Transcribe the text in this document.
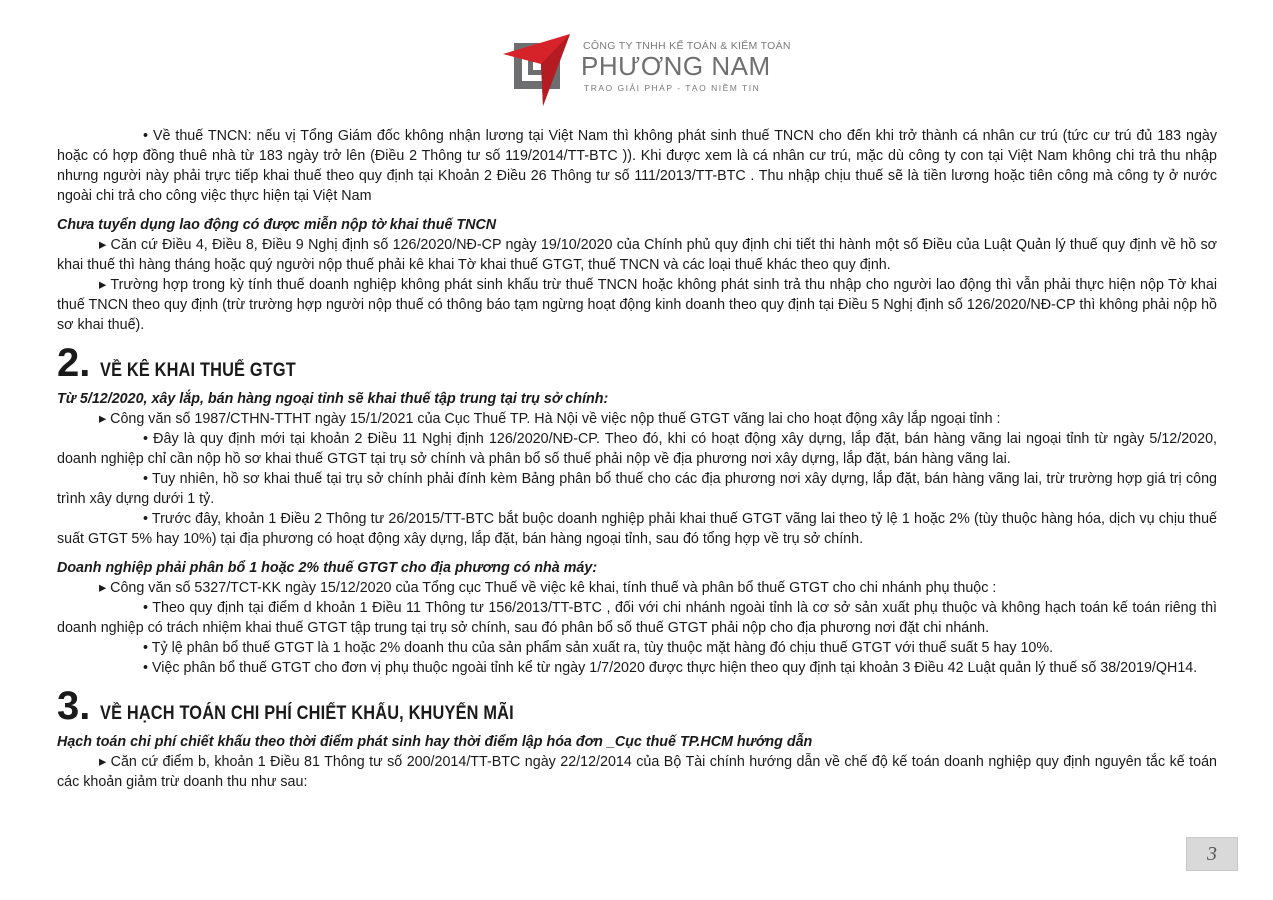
CÔNG TY TNHH KẾ TOÁN & KIỂM TOÁN
PHƯƠNG NAM
TRAO GIẢI PHÁP - TẠO NIỀM TIN

• Về thuế TNCN: nếu vị Tổng Giám đốc không nhận lương tại Việt Nam thì không phát sinh thuế TNCN cho đến khi trở thành cá nhân cư trú (tức cư trú đủ 183 ngày hoặc có hợp đồng thuê nhà từ 183 ngày trở lên (Điều 2 Thông tư số 119/2014/TT-BTC )). Khi được xem là cá nhân cư trú, mặc dù công ty con tại Việt Nam không chi trả thu nhập nhưng người này phải trực tiếp khai thuế theo quy định tại Khoản 2 Điều 26 Thông tư số 111/2013/TT-BTC . Thu nhập chịu thuế sẽ là tiền lương hoặc tiên công mà công ty ở nước ngoài chi trả cho công việc thực hiện tại Việt Nam

Chưa tuyển dụng lao động có được miễn nộp tờ khai thuế TNCN

▸ Căn cứ Điều 4, Điều 8, Điều 9 Nghị định số 126/2020/NĐ-CP ngày 19/10/2020 của Chính phủ quy định chi tiết thi hành một số Điều của Luật Quản lý thuế quy định về hồ sơ khai thuế thì hàng tháng hoặc quý người nộp thuế phải kê khai Tờ khai thuế GTGT, thuế TNCN và các loại thuế khác theo quy định.

▸ Trường hợp trong kỳ tính thuế doanh nghiệp không phát sinh khấu trừ thuế TNCN hoặc không phát sinh trả thu nhập cho người lao động thì vẫn phải thực hiện nộp Tờ khai thuế TNCN theo quy định (trừ trường hợp người nộp thuế có thông báo tạm ngừng hoạt động kinh doanh theo quy định tại Điều 5 Nghị định số 126/2020/NĐ-CP thì không phải nộp hồ sơ khai thuế).

2. VỀ KÊ KHAI THUẾ GTGT

Từ 5/12/2020, xây lắp, bán hàng ngoại tỉnh sẽ khai thuế tập trung tại trụ sở chính:

▸ Công văn số 1987/CTHN-TTHT ngày 15/1/2021 của Cục Thuế TP. Hà Nội về việc nộp thuế GTGT vãng lai cho hoạt động xây lắp ngoại tỉnh :

• Đây là quy định mới tại khoản 2 Điều 11 Nghị định 126/2020/NĐ-CP. Theo đó, khi có hoạt động xây dựng, lắp đặt, bán hàng vãng lai ngoại tỉnh từ ngày 5/12/2020, doanh nghiệp chỉ cần nộp hồ sơ khai thuế GTGT tại trụ sở chính và phân bổ số thuế phải nộp về địa phương nơi xây dựng, lắp đặt, bán hàng vãng lai.

• Tuy nhiên, hồ sơ khai thuế tại trụ sở chính phải đính kèm Bảng phân bổ thuế cho các địa phương nơi xây dựng, lắp đặt, bán hàng vãng lai, trừ trường hợp giá trị công trình xây dựng dưới 1 tỷ.

• Trước đây, khoản 1 Điều 2 Thông tư 26/2015/TT-BTC bắt buộc doanh nghiệp phải khai thuế GTGT vãng lai theo tỷ lệ 1 hoặc 2% (tùy thuộc hàng hóa, dịch vụ chịu thuế suất GTGT 5% hay 10%) tại địa phương có hoạt động xây dựng, lắp đặt, bán hàng ngoại tỉnh, sau đó tổng hợp về trụ sở chính.

Doanh nghiệp phải phân bổ 1 hoặc 2% thuế GTGT cho địa phương có nhà máy:

▸ Công văn số 5327/TCT-KK ngày 15/12/2020 của Tổng cục Thuế về việc kê khai, tính thuế và phân bổ thuế GTGT cho chi nhánh phụ thuộc :

• Theo quy định tại điểm d khoản 1 Điều 11 Thông tư 156/2013/TT-BTC , đối với chi nhánh ngoài tỉnh là cơ sở sản xuất phụ thuộc và không hạch toán kế toán riêng thì doanh nghiệp có trách nhiệm khai thuế GTGT tập trung tại trụ sở chính, sau đó phân bổ số thuế GTGT phải nộp cho địa phương nơi đặt chi nhánh.

• Tỷ lệ phân bổ thuế GTGT là 1 hoặc 2% doanh thu của sản phẩm sản xuất ra, tùy thuộc mặt hàng đó chịu thuế GTGT với thuế suất 5 hay 10%.

• Việc phân bổ thuế GTGT cho đơn vị phụ thuộc ngoài tỉnh kể từ ngày 1/7/2020 được thực hiện theo quy định tại khoản 3 Điều 42 Luật quản lý thuế số 38/2019/QH14.

3. VỀ HẠCH TOÁN CHI PHÍ CHIẾT KHẤU, KHUYẾN MÃI

Hạch toán chi phí chiết khấu theo thời điểm phát sinh hay thời điểm lập hóa đơn _Cục thuế TP.HCM hướng dẫn

▸ Căn cứ điểm b, khoản 1 Điều 81 Thông tư số 200/2014/TT-BTC ngày 22/12/2014 của Bộ Tài chính hướng dẫn về chế độ kế toán doanh nghiệp quy định nguyên tắc kế toán các khoản giảm trừ doanh thu như sau:

3
